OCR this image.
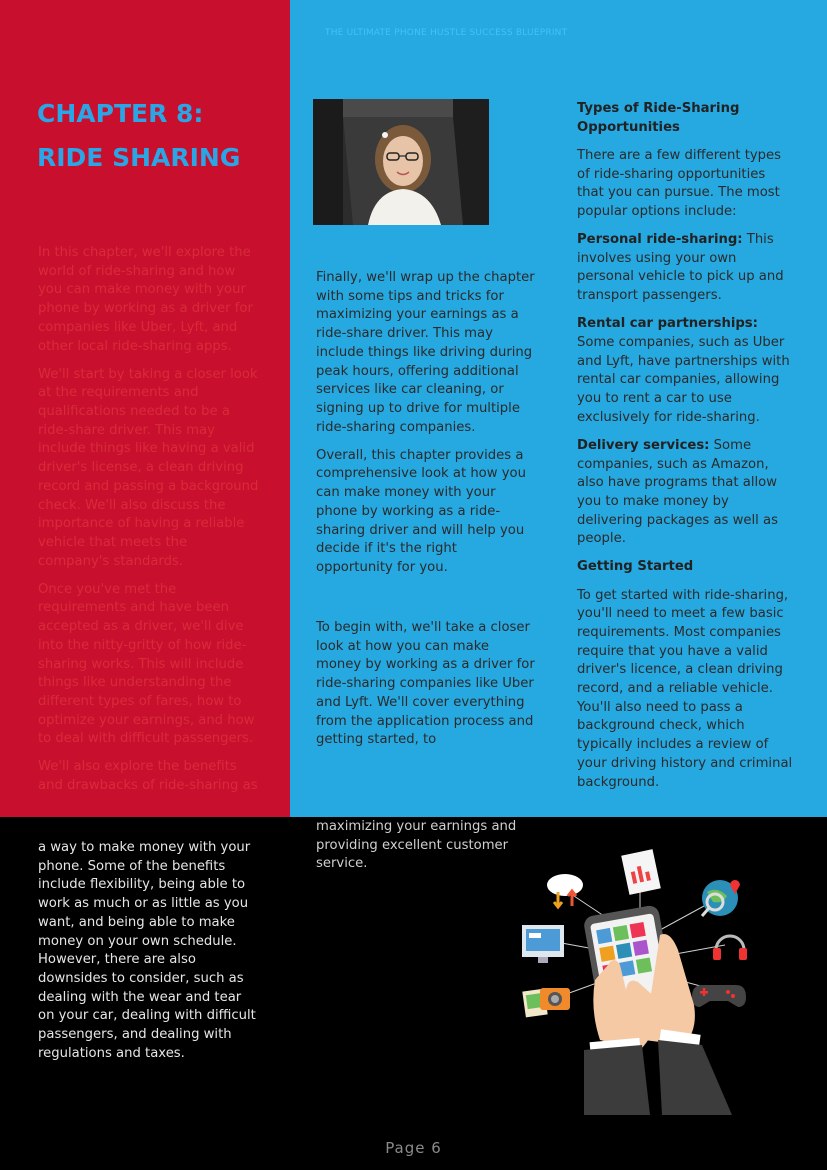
THE ULTIMATE PHONE HUSTLE SUCCESS BLUEPRINT
CHAPTER 8:
RIDE SHARING

In this chapter, we'll explore the world of ride-sharing and how you can make money with your phone by working as a driver for companies like Uber, Lyft, and other local ride-sharing apps.

We'll start by taking a closer look at the requirements and qualifications needed to be a ride-share driver. This may include things like having a valid driver's license, a clean driving record and passing a background check. We'll also discuss the importance of having a reliable vehicle that meets the company's standards.

Once you've met the requirements and have been accepted as a driver, we'll dive into the nitty-gritty of how ride-sharing works. This will include things like understanding the different types of fares, how to optimize your earnings, and how to deal with difficult passengers.

We'll also explore the benefits and drawbacks of ride-sharing as

a way to make money with your phone. Some of the benefits include flexibility, being able to work as much or as little as you want, and being able to make money on your own schedule. However, there are also downsides to consider, such as dealing with the wear and tear on your car, dealing with difficult passengers, and dealing with regulations and taxes.

Finally, we'll wrap up the chapter with some tips and tricks for maximizing your earnings as a ride-share driver. This may include things like driving during peak hours, offering additional services like car cleaning, or signing up to drive for multiple ride-sharing companies.

Overall, this chapter provides a comprehensive look at how you can make money with your phone by working as a ride-sharing driver and will help you decide if it's the right opportunity for you.

To begin with, we'll take a closer look at how you can make money by working as a driver for ride-sharing companies like Uber and Lyft. We'll cover everything from the application process and getting started, to

maximizing your earnings and providing excellent customer service.

Types of Ride-Sharing Opportunities

There are a few different types of ride-sharing opportunities that you can pursue. The most popular options include:

Personal ride-sharing: This involves using your own personal vehicle to pick up and transport passengers.

Rental car partnerships: Some companies, such as Uber and Lyft, have partnerships with rental car companies, allowing you to rent a car to use exclusively for ride-sharing.

Delivery services: Some companies, such as Amazon, also have programs that allow you to make money by delivering packages as well as people.

Getting Started

To get started with ride-sharing, you'll need to meet a few basic requirements. Most companies require that you have a valid driver's licence, a clean driving record, and a reliable vehicle. You'll also need to pass a background check, which typically includes a review of your driving history and criminal background.

Page 6
